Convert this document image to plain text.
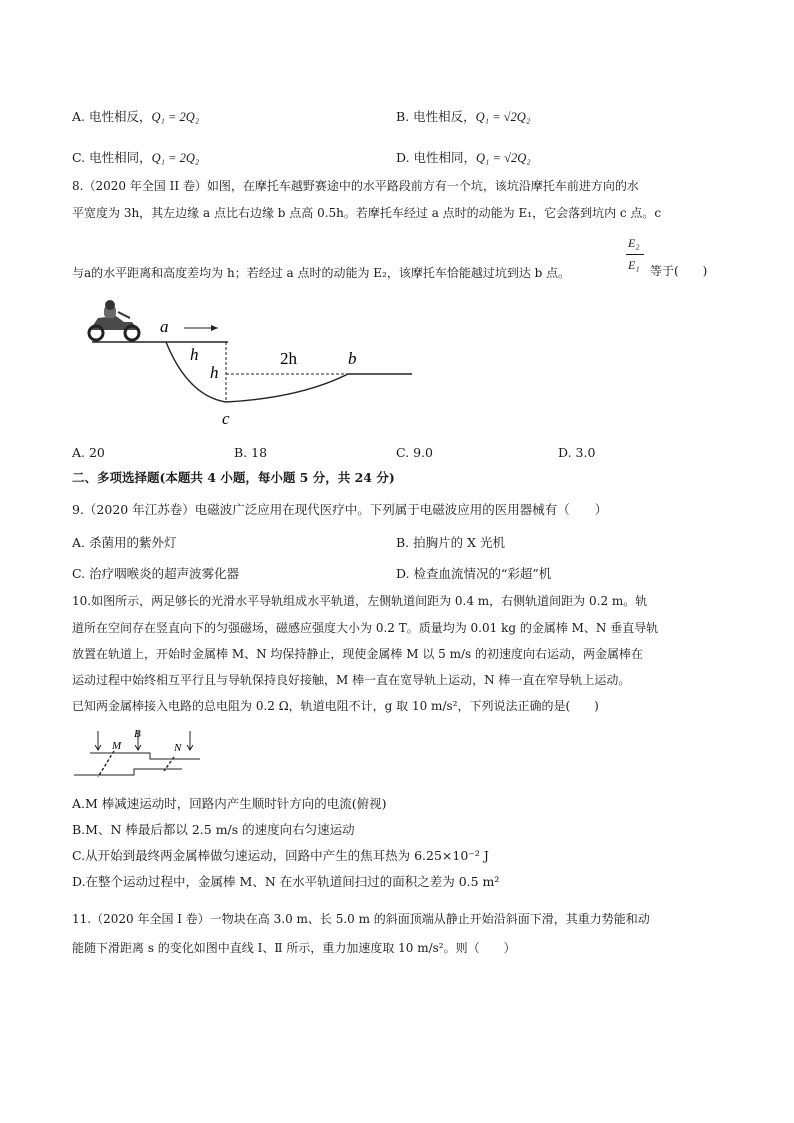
A. 电性相反，Q₁ = 2Q₂	B. 电性相反，Q₁ = √2Q₂
C. 电性相同，Q₁ = 2Q₂	D. 电性相同，Q₁ = √2Q₂
8.（2020 年全国 II 卷）如图，在摩托车越野赛途中的水平路段前方有一个坑，该坑沿摩托车前进方向的水
平宽度为 3h，其左边缘 a 点比右边缘 b 点高 0.5h。若摩托车经过 a 点时的动能为 E₁，它会落到坑内 c 点。c
与a的水平距离和高度差均为 h；若经过 a 点时的动能为 E₂，该摩托车恰能越过坑到达 b 点。
E₂
E₁ 等于(　　)
a
h
h
2h	b
c
A. 20	B. 18	C. 9.0	D. 3.0
二、多项选择题(本题共 4 小题，每小题 5 分，共 24 分)
9.（2020 年江苏卷）电磁波广泛应用在现代医疗中。下列属于电磁波应用的医用器械有（　　）
A. 杀菌用的紫外灯	B. 拍胸片的 X 光机
C. 治疗咽喉炎的超声波雾化器	D. 检查血流情况的“彩超”机
10.如图所示，两足够长的光滑水平导轨组成水平轨道，左侧轨道间距为 0.4 m，右侧轨道间距为 0.2 m。轨
道所在空间存在竖直向下的匀强磁场，磁感应强度大小为 0.2 T。质量均为 0.01 kg 的金属棒 M、N 垂直导轨
放置在轨道上，开始时金属棒 M、N 均保持静止，现使金属棒 M 以 5 m/s 的初速度向右运动，两金属棒在
运动过程中始终相互平行且与导轨保持良好接触，M 棒一直在宽导轨上运动，N 棒一直在窄导轨上运动。
已知两金属棒接入电路的总电阻为 0.2 Ω，轨道电阻不计，g 取 10 m/s²，下列说法正确的是(　　)
M
B
N
A.M 棒减速运动时，回路内产生顺时针方向的电流(俯视)
B.M、N 棒最后都以 2.5 m/s 的速度向右匀速运动
C.从开始到最终两金属棒做匀速运动，回路中产生的焦耳热为 6.25×10⁻² J
D.在整个运动过程中，金属棒 M、N 在水平轨道间扫过的面积之差为 0.5 m²
11.（2020 年全国 I 卷）一物块在高 3.0 m、长 5.0 m 的斜面顶端从静止开始沿斜面下滑，其重力势能和动
能随下滑距离 s 的变化如图中直线 Ⅰ、Ⅱ 所示，重力加速度取 10 m/s²。则（　　）
